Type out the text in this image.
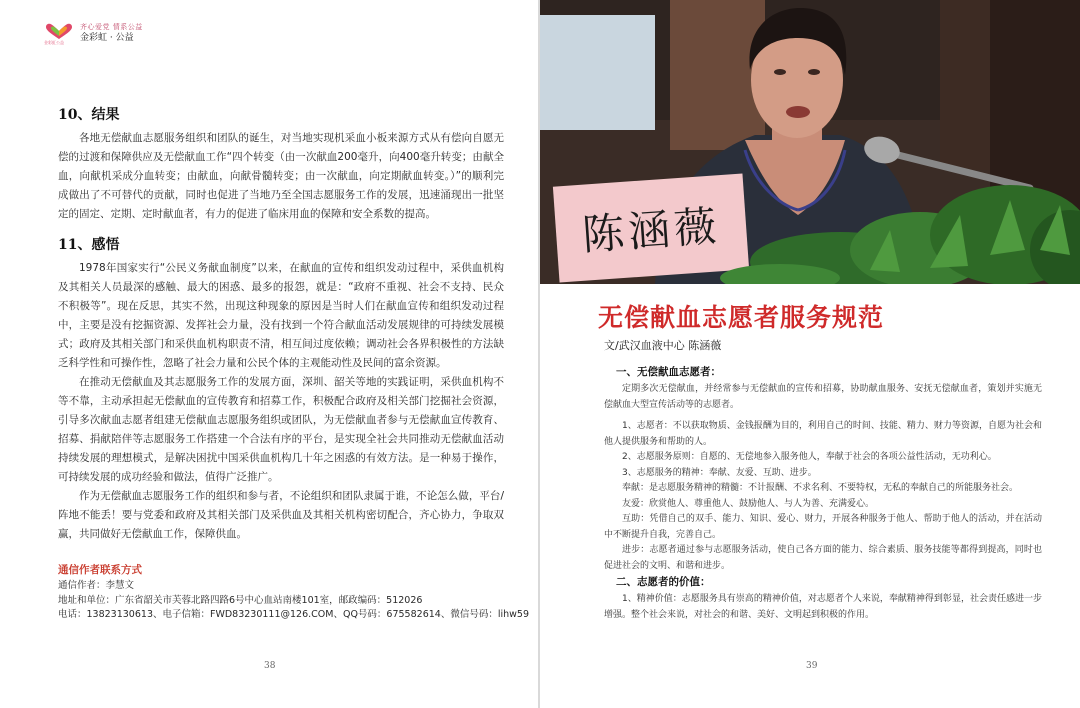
金彩虹公益
齐心爱党 情系公益
金彩虹 · 公益
10、结果

各地无偿献血志愿服务组织和团队的诞生，对当地实现机采血小板来源方式从有偿向自愿无偿的过渡和保障供应及无偿献血工作“四个转变（由一次献血200毫升，向400毫升转变；由献全血，向献机采成分血转变；由献血，向献骨髓转变；由一次献血，向定期献血转变。）”的顺利完成做出了不可替代的贡献，同时也促进了当地乃至全国志愿服务工作的发展，迅速涌现出一批坚定的固定、定期、定时献血者，有力的促进了临床用血的保障和安全系数的提高。

11、感悟

1978年国家实行“公民义务献血制度”以来，在献血的宣传和组织发动过程中，采供血机构及其相关人员最深的感触、最大的困惑、最多的报怨，就是：“政府不重视、社会不支持、民众不积极等”。现在反思，其实不然，出现这种现象的原因是当时人们在献血宣传和组织发动过程中，主要是没有挖掘资源、发挥社会力量，没有找到一个符合献血活动发展规律的可持续发展模式；政府及其相关部门和采供血机构职责不清，相互间过度依赖；调动社会各界积极性的方法缺乏科学性和可操作性，忽略了社会力量和公民个体的主观能动性及民间的富余资源。

在推动无偿献血及其志愿服务工作的发展方面，深圳、韶关等地的实践证明，采供血机构不等不靠，主动承担起无偿献血的宣传教育和招募工作，积极配合政府及相关部门挖掘社会资源，引导多次献血志愿者组建无偿献血志愿服务组织或团队，为无偿献血者参与无偿献血宣传教育、招募、捐献陪伴等志愿服务工作搭建一个合法有序的平台，是实现全社会共同推动无偿献血活动持续发展的理想模式，是解决困扰中国采供血机构几十年之困惑的有效方法。是一种易于操作，可持续发展的成功经验和做法，值得广泛推广。

作为无偿献血志愿服务工作的组织和参与者，不论组织和团队隶属于谁，不论怎么做，平台/阵地不能丢！要与党委和政府及其相关部门及采供血及其相关机构密切配合，齐心协力，争取双赢，共同做好无偿献血工作，保障供血。

通信作者联系方式
通信作者：李慧文
地址和单位：广东省韶关市芙蓉北路四路6号中心血站南楼101室，邮政编码：512026
电话：13823130613、电子信箱：FWD83230111@126.COM、QQ号码：675582614、微信号码：lihw59
38
陈涵薇
无偿献血志愿者服务规范
文/武汉血液中心 陈涵薇
一、无偿献血志愿者：

定期多次无偿献血，并经常参与无偿献血的宣传和招募，协助献血服务、安抚无偿献血者，策划并实施无偿献血大型宣传活动等的志愿者。

1、志愿者：不以获取物质、金钱报酬为目的，利用自己的时间、技能、精力、财力等资源，自愿为社会和他人提供服务和帮助的人。

2、志愿服务原则：自愿的、无偿地参入服务他人，奉献于社会的各项公益性活动，无功利心。

3、志愿服务的精神：奉献、友爱、互助、进步。

奉献：是志愿服务精神的精髓：不计报酬、不求名利、不要特权，无私的奉献自己的所能服务社会。

友爱：欣赏他人、尊重他人、鼓励他人、与人为善、充满爱心。

互助：凭借自己的双手、能力、知识、爱心、财力，开展各种服务于他人、帮助于他人的活动，并在活动中不断提升自我，完善自己。

进步：志愿者通过参与志愿服务活动，使自己各方面的能力、综合素质、服务技能等都得到提高，同时也促进社会的文明、和谐和进步。

二、志愿者的价值：

1、精神价值：志愿服务具有崇高的精神价值，对志愿者个人来说，奉献精神得到彰显，社会责任感进一步增强。整个社会来说，对社会的和谐、美好、文明起到积极的作用。

39
